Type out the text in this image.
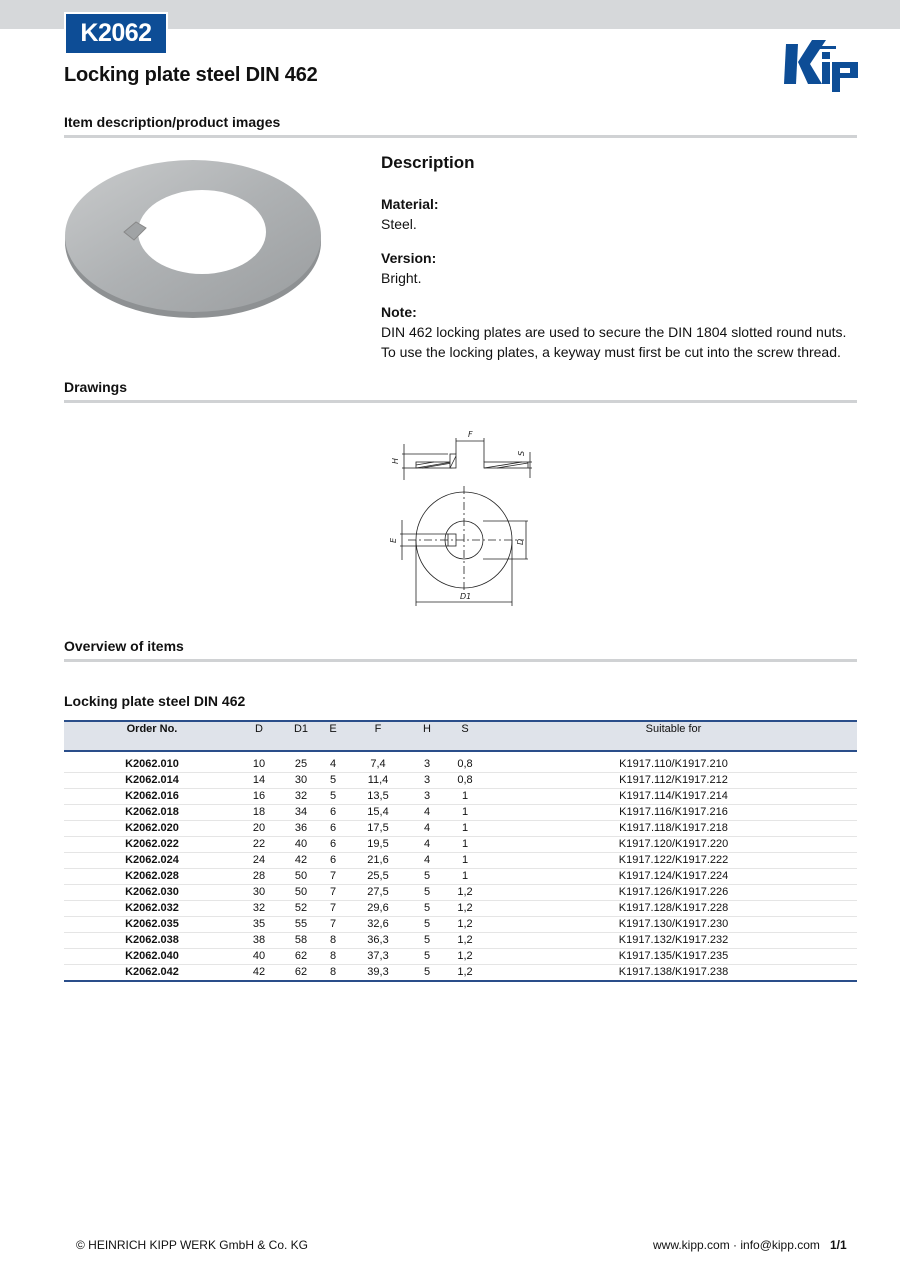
K2062
Locking plate steel DIN 462
Item description/product images

Description

Material:

Steel.

Version:

Bright.

Note:

DIN 462 locking plates are used to secure the DIN 1804 slotted round nuts. To use the locking plates, a keyway must first be cut into the screw thread.

Drawings
F
H
S
E	D
D1
Overview of items
Locking plate steel DIN 462
Order No.	D	D1	E	F	H	S	Suitable for
K2062.010	10	25	4	7,4	3	0,8	K1917.110/K1917.210
K2062.014	14	30	5	11,4	3	0,8	K1917.112/K1917.212
K2062.016	16	32	5	13,5	3	1	K1917.114/K1917.214
K2062.018	18	34	6	15,4	4	1	K1917.116/K1917.216
K2062.020	20	36	6	17,5	4	1	K1917.118/K1917.218
K2062.022	22	40	6	19,5	4	1	K1917.120/K1917.220
K2062.024	24	42	6	21,6	4	1	K1917.122/K1917.222
K2062.028	28	50	7	25,5	5	1	K1917.124/K1917.224
K2062.030	30	50	7	27,5	5	1,2	K1917.126/K1917.226
K2062.032	32	52	7	29,6	5	1,2	K1917.128/K1917.228
K2062.035	35	55	7	32,6	5	1,2	K1917.130/K1917.230
K2062.038	38	58	8	36,3	5	1,2	K1917.132/K1917.232
K2062.040	40	62	8	37,3	5	1,2	K1917.135/K1917.235
K2062.042	42	62	8	39,3	5	1,2	K1917.138/K1917.238
© HEINRICH KIPP WERK GmbH & Co. KG	www.kipp.com · info@kipp.com 1/1
